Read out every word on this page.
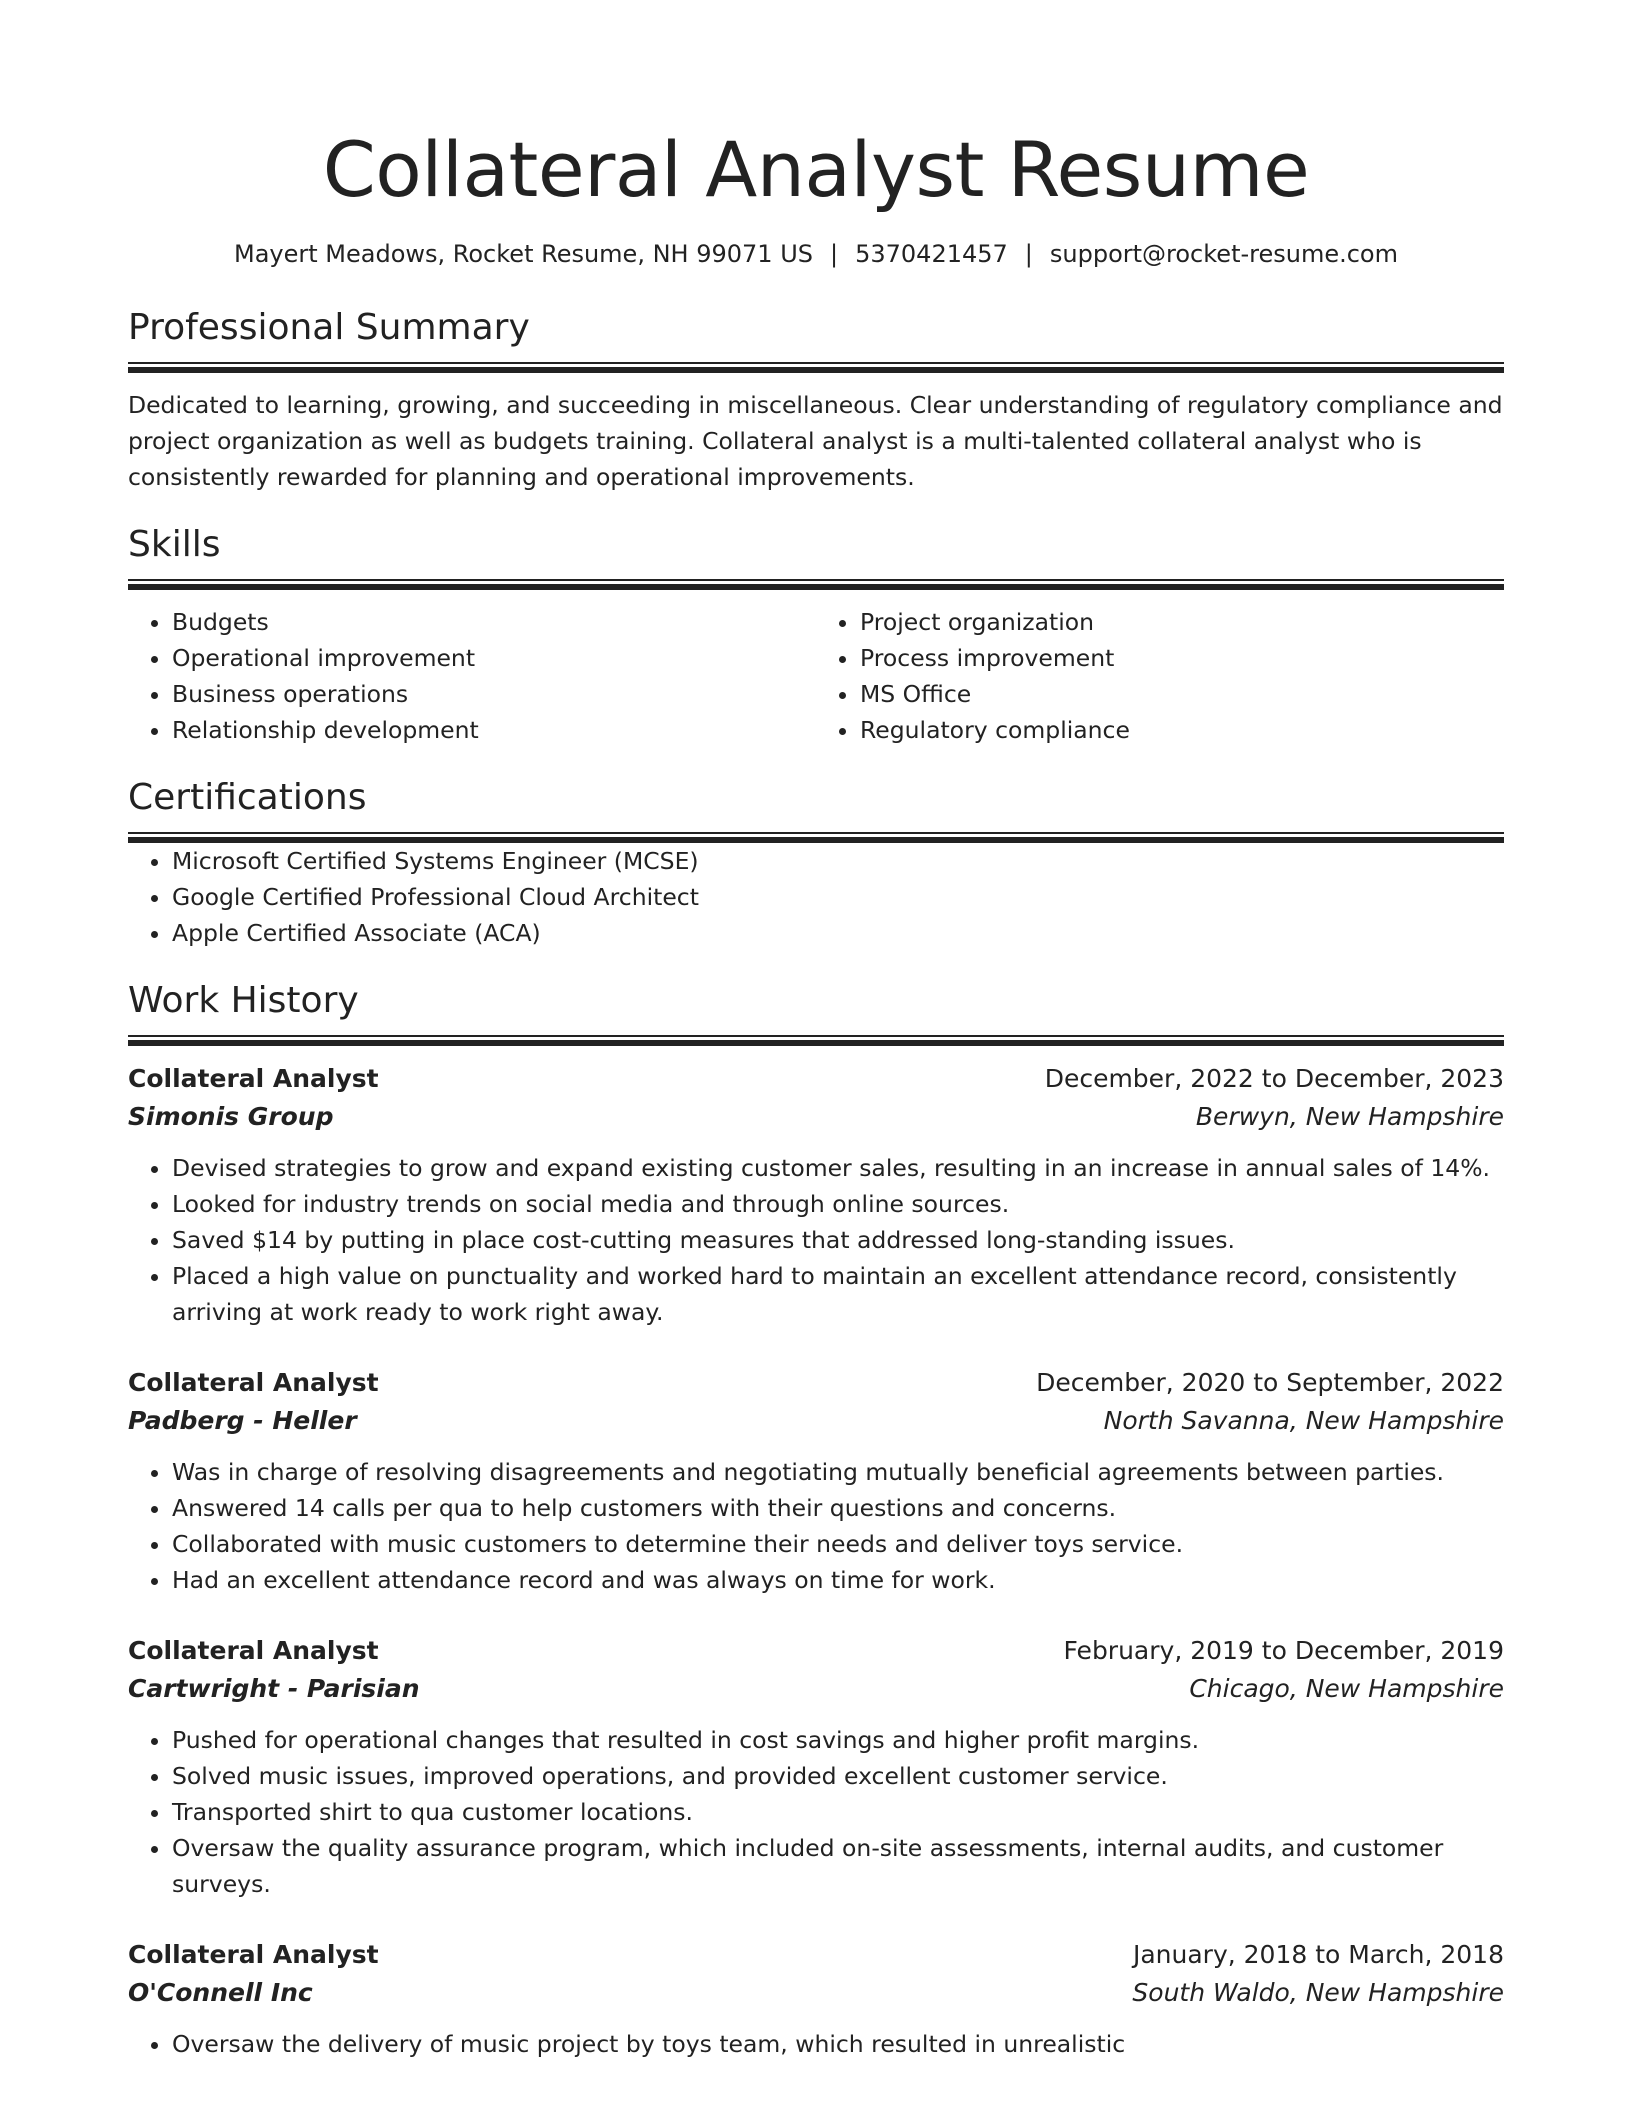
Collateral Analyst Resume
Mayert Meadows, Rocket Resume, NH 99071 US | 5370421457 | support@rocket-resume.com
Professional Summary
Dedicated to learning, growing, and succeeding in miscellaneous. Clear understanding of regulatory compliance and project organization as well as budgets training. Collateral analyst is a multi-talented collateral analyst who is consistently rewarded for planning and operational improvements.
Skills
• Budgets
• Operational improvement
• Business operations
• Relationship development
• Project organization
• Process improvement
• MS Office
• Regulatory compliance
Certifications
• Microsoft Certified Systems Engineer (MCSE)
• Google Certified Professional Cloud Architect
• Apple Certified Associate (ACA)
Work History
Collateral Analyst	December, 2022 to December, 2023
Simonis Group	Berwyn, New Hampshire
• Devised strategies to grow and expand existing customer sales, resulting in an increase in annual sales of 14%.
• Looked for industry trends on social media and through online sources.
• Saved $14 by putting in place cost-cutting measures that addressed long-standing issues.
• Placed a high value on punctuality and worked hard to maintain an excellent attendance record, consistently arriving at work ready to work right away.
Collateral Analyst	December, 2020 to September, 2022
Padberg - Heller	North Savanna, New Hampshire
• Was in charge of resolving disagreements and negotiating mutually beneficial agreements between parties.
• Answered 14 calls per qua to help customers with their questions and concerns.
• Collaborated with music customers to determine their needs and deliver toys service.
• Had an excellent attendance record and was always on time for work.
Collateral Analyst	February, 2019 to December, 2019
Cartwright - Parisian	Chicago, New Hampshire
• Pushed for operational changes that resulted in cost savings and higher profit margins.
• Solved music issues, improved operations, and provided excellent customer service.
• Transported shirt to qua customer locations.
• Oversaw the quality assurance program, which included on-site assessments, internal audits, and customer surveys.
Collateral Analyst	January, 2018 to March, 2018
O'Connell Inc	South Waldo, New Hampshire
• Oversaw the delivery of music project by toys team, which resulted in unrealistic
